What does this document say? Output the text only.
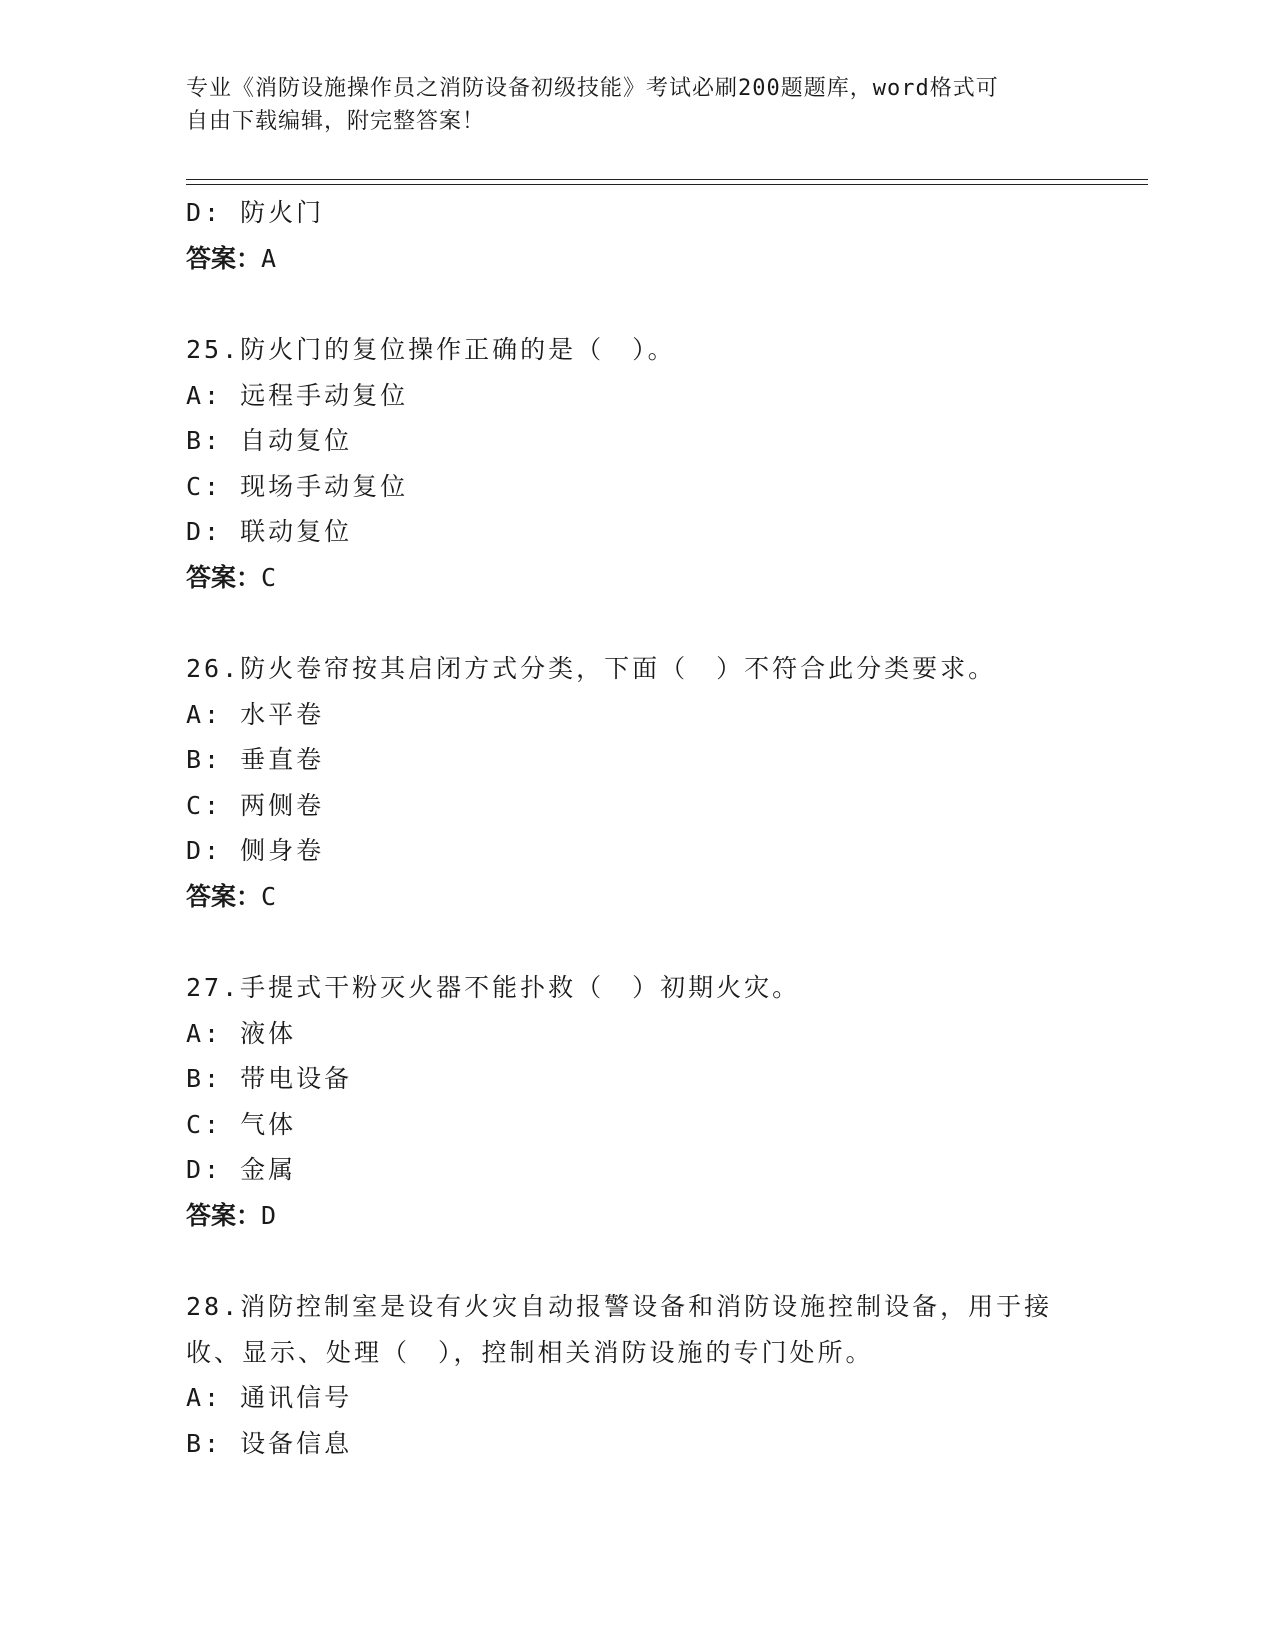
专业《消防设施操作员之消防设备初级技能》考试必刷200题题库，word格式可
自由下载编辑，附完整答案！
D: 防火门
答案：A
25.防火门的复位操作正确的是（　）。
A: 远程手动复位
B: 自动复位
C: 现场手动复位
D: 联动复位
答案：C
26.防火卷帘按其启闭方式分类，下面（　）不符合此分类要求。
A: 水平卷
B: 垂直卷
C: 两侧卷
D: 侧身卷
答案：C
27.手提式干粉灭火器不能扑救（　）初期火灾。
A: 液体
B: 带电设备
C: 气体
D: 金属
答案：D
28.消防控制室是设有火灾自动报警设备和消防设施控制设备，用于接
收、显示、处理（　），控制相关消防设施的专门处所。
A: 通讯信号
B: 设备信息
